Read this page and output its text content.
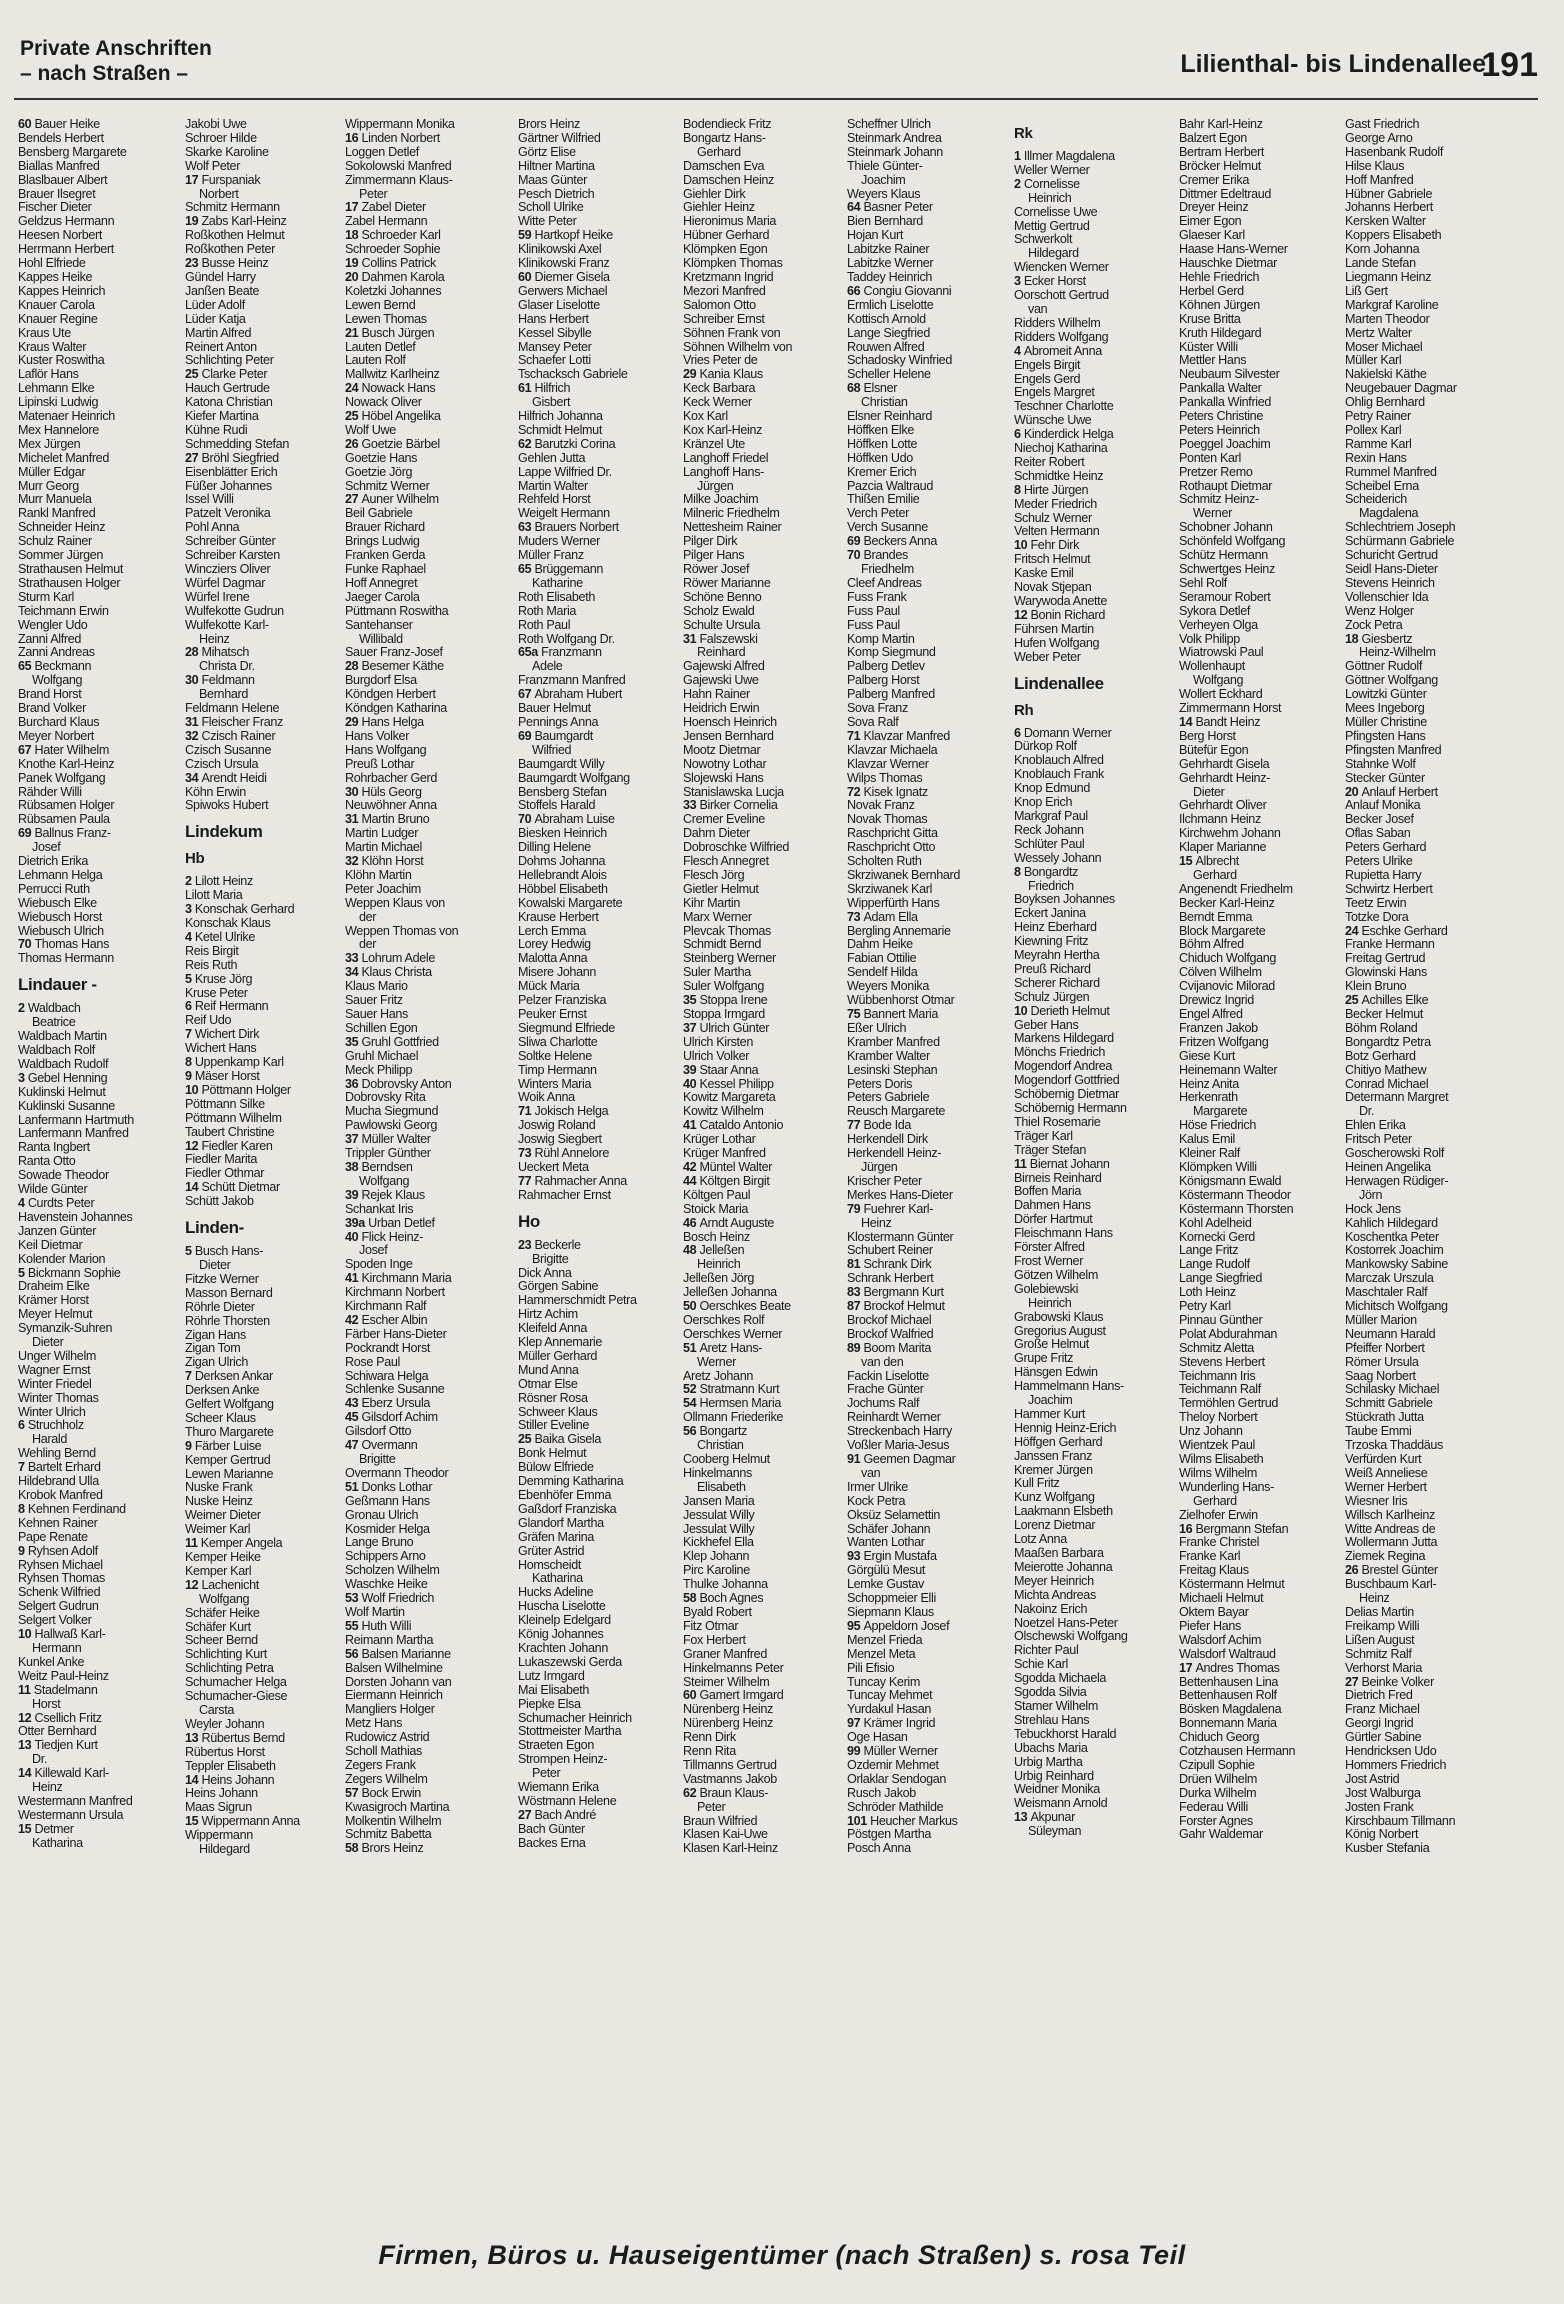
Private Anschriften
– nach Straßen –	Lilienthal- bis Lindenallee
191
60 Bauer Heike
Bendels Herbert
Bensberg Margarete
Biallas Manfred
Blaslbauer Albert
Brauer Ilsegret
Fischer Dieter
Geldzus Hermann
Heesen Norbert
Herrmann Herbert
Hohl Elfriede
Kappes Heike
Kappes Heinrich
Knauer Carola
Knauer Regine
Kraus Ute
Kraus Walter
Kuster Roswitha
Laflör Hans
Lehmann Elke
Lipinski Ludwig
Matenaer Heinrich
Mex Hannelore
Mex Jürgen
Michelet Manfred
Müller Edgar
Murr Georg
Murr Manuela
Rankl Manfred
Schneider Heinz
Schulz Rainer
Sommer Jürgen
Strathausen Helmut
Strathausen Holger
Sturm Karl
Teichmann Erwin
Wengler Udo
Zanni Alfred
Zanni Andreas
65 Beckmann
Wolfgang
Brand Horst
Brand Volker
Burchard Klaus
Meyer Norbert
67 Hater Wilhelm
Knothe Karl-Heinz
Panek Wolfgang
Rähder Willi
Rübsamen Holger
Rübsamen Paula
69 Ballnus Franz-
Josef
Dietrich Erika
Lehmann Helga
Perrucci Ruth
Wiebusch Elke
Wiebusch Horst
Wiebusch Ulrich
70 Thomas Hans
Thomas Hermann
Lindauer -
2 Waldbach
Beatrice
Waldbach Martin
Waldbach Rolf
Waldbach Rudolf
3 Gebel Henning
Kuklinski Helmut
Kuklinski Susanne
Lanfermann Hartmuth
Lanfermann Manfred
Ranta Ingbert
Ranta Otto
Sowade Theodor
Wilde Günter
4 Curdts Peter
Havenstein Johannes
Janzen Günter
Keil Dietmar
Kolender Marion
5 Bickmann Sophie
Draheim Elke
Krämer Horst
Meyer Helmut
Symanzik-Suhren
Dieter
Unger Wilhelm
Wagner Ernst
Winter Friedel
Winter Thomas
Winter Ulrich
6 Struchholz
Harald
Wehling Bernd
7 Bartelt Erhard
Hildebrand Ulla
Krobok Manfred
8 Kehnen Ferdinand
Kehnen Rainer
Pape Renate
9 Ryhsen Adolf
Ryhsen Michael
Ryhsen Thomas
Schenk Wilfried
Selgert Gudrun
Selgert Volker
10 Hallwaß Karl-
Hermann
Kunkel Anke
Weitz Paul-Heinz
11 Stadelmann
Horst
12 Csellich Fritz
Otter Bernhard
13 Tiedjen Kurt
Dr.
14 Killewald Karl-
Heinz
Westermann Manfred
Westermann Ursula
15 Detmer
Katharina
Jakobi Uwe
Schroer Hilde
Skarke Karoline
Wolf Peter
17 Furspaniak
Norbert
Schmitz Hermann
19 Zabs Karl-Heinz
Roßkothen Helmut
Roßkothen Peter
23 Busse Heinz
Gündel Harry
Janßen Beate
Lüder Adolf
Lüder Katja
Martin Alfred
Reinert Anton
Schlichting Peter
25 Clarke Peter
Hauch Gertrude
Katona Christian
Kiefer Martina
Kühne Rudi
Schmedding Stefan
27 Bröhl Siegfried
Eisenblätter Erich
Füßer Johannes
Issel Willi
Patzelt Veronika
Pohl Anna
Schreiber Günter
Schreiber Karsten
Wincziers Oliver
Würfel Dagmar
Würfel Irene
Wulfekotte Gudrun
Wulfekotte Karl-
Heinz
28 Mihatsch
Christa Dr.
30 Feldmann
Bernhard
Feldmann Helene
31 Fleischer Franz
32 Czisch Rainer
Czisch Susanne
Czisch Ursula
34 Arendt Heidi
Köhn Erwin
Spiwoks Hubert
Lindekum
Hb
2 Lilott Heinz
Lilott Maria
3 Konschak Gerhard
Konschak Klaus
4 Ketel Ulrike
Reis Birgit
Reis Ruth
5 Kruse Jörg
Kruse Peter
6 Reif Hermann
Reif Udo
7 Wichert Dirk
Wichert Hans
8 Uppenkamp Karl
9 Mäser Horst
10 Pöttmann Holger
Pöttmann Silke
Pöttmann Wilhelm
Taubert Christine
12 Fiedler Karen
Fiedler Marita
Fiedler Othmar
14 Schütt Dietmar
Schütt Jakob
Linden-
5 Busch Hans-
Dieter
Fitzke Werner
Masson Bernard
Röhrle Dieter
Röhrle Thorsten
Zigan Hans
Zigan Tom
Zigan Ulrich
7 Derksen Ankar
Derksen Anke
Gelfert Wolfgang
Scheer Klaus
Thuro Margarete
9 Färber Luise
Kemper Gertrud
Lewen Marianne
Nuske Frank
Nuske Heinz
Weimer Dieter
Weimer Karl
11 Kemper Angela
Kemper Heike
Kemper Karl
12 Lachenicht
Wolfgang
Schäfer Heike
Schäfer Kurt
Scheer Bernd
Schlichting Kurt
Schlichting Petra
Schumacher Helga
Schumacher-Giese
Carsta
Weyler Johann
13 Rübertus Bernd
Rübertus Horst
Teppler Elisabeth
14 Heins Johann
Heins Johann
Maas Sigrun
15 Wippermann Anna
Wippermann
Hildegard
Wippermann Monika
16 Linden Norbert
Loggen Detlef
Sokolowski Manfred
Zimmermann Klaus-
Peter
17 Zabel Dieter
Zabel Hermann
18 Schroeder Karl
Schroeder Sophie
19 Collins Patrick
20 Dahmen Karola
Koletzki Johannes
Lewen Bernd
Lewen Thomas
21 Busch Jürgen
Lauten Detlef
Lauten Rolf
Mallwitz Karlheinz
24 Nowack Hans
Nowack Oliver
25 Höbel Angelika
Wolf Uwe
26 Goetzie Bärbel
Goetzie Hans
Goetzie Jörg
Schmitz Werner
27 Auner Wilhelm
Beil Gabriele
Brauer Richard
Brings Ludwig
Franken Gerda
Funke Raphael
Hoff Annegret
Jaeger Carola
Püttmann Roswitha
Santehanser
Willibald
Sauer Franz-Josef
28 Besemer Käthe
Burgdorf Elsa
Köndgen Herbert
Köndgen Katharina
29 Hans Helga
Hans Volker
Hans Wolfgang
Preuß Lothar
Rohrbacher Gerd
30 Hüls Georg
Neuwöhner Anna
31 Martin Bruno
Martin Ludger
Martin Michael
32 Klöhn Horst
Klöhn Martin
Peter Joachim
Weppen Klaus von
der
Weppen Thomas von
der
33 Lohrum Adele
34 Klaus Christa
Klaus Mario
Sauer Fritz
Sauer Hans
Schillen Egon
35 Gruhl Gottfried
Gruhl Michael
Meck Philipp
36 Dobrovsky Anton
Dobrovsky Rita
Mucha Siegmund
Pawlowski Georg
37 Müller Walter
Trippler Günther
38 Berndsen
Wolfgang
39 Rejek Klaus
Schankat Iris
39a Urban Detlef
40 Flick Heinz-
Josef
Spoden Inge
41 Kirchmann Maria
Kirchmann Norbert
Kirchmann Ralf
42 Escher Albin
Färber Hans-Dieter
Pockrandt Horst
Rose Paul
Schiwara Helga
Schlenke Susanne
43 Eberz Ursula
45 Gilsdorf Achim
Gilsdorf Otto
47 Overmann
Brigitte
Overmann Theodor
51 Donks Lothar
Geßmann Hans
Gronau Ulrich
Kosmider Helga
Lange Bruno
Schippers Arno
Scholzen Wilhelm
Waschke Heike
53 Wolf Friedrich
Wolf Martin
55 Huth Willi
Reimann Martha
56 Balsen Marianne
Balsen Wilhelmine
Dorsten Johann van
Eiermann Heinrich
Mangliers Holger
Metz Hans
Rudowicz Astrid
Scholl Mathias
Zegers Frank
Zegers Wilhelm
57 Bock Erwin
Kwasigroch Martina
Molkentin Wilhelm
Schmitz Babetta
58 Brors Heinz
Brors Heinz
Gärtner Wilfried
Görtz Elise
Hiltner Martina
Maas Günter
Pesch Dietrich
Scholl Ulrike
Witte Peter
59 Hartkopf Heike
Klinikowski Axel
Klinikowski Franz
60 Diemer Gisela
Gerwers Michael
Glaser Liselotte
Hans Herbert
Kessel Sibylle
Mansey Peter
Schaefer Lotti
Tschacksch Gabriele
61 Hilfrich
Gisbert
Hilfrich Johanna
Schmidt Helmut
62 Barutzki Corina
Gehlen Jutta
Lappe Wilfried Dr.
Martin Walter
Rehfeld Horst
Weigelt Hermann
63 Brauers Norbert
Muders Werner
Müller Franz
65 Brüggemann
Katharine
Roth Elisabeth
Roth Maria
Roth Paul
Roth Wolfgang Dr.
65a Franzmann
Adele
Franzmann Manfred
67 Abraham Hubert
Bauer Helmut
Pennings Anna
69 Baumgardt
Wilfried
Baumgardt Willy
Baumgardt Wolfgang
Bensberg Stefan
Stoffels Harald
70 Abraham Luise
Biesken Heinrich
Dilling Helene
Dohms Johanna
Hellebrandt Alois
Höbbel Elisabeth
Kowalski Margarete
Krause Herbert
Lerch Emma
Lorey Hedwig
Malotta Anna
Misere Johann
Mück Maria
Pelzer Franziska
Peuker Ernst
Siegmund Elfriede
Sliwa Charlotte
Soltke Helene
Timp Hermann
Winters Maria
Woik Anna
71 Jokisch Helga
Joswig Roland
Joswig Siegbert
73 Rühl Annelore
Ueckert Meta
77 Rahmacher Anna
Rahmacher Ernst
Ho
23 Beckerle
Brigitte
Dick Anna
Görgen Sabine
Hammerschmidt Petra
Hirtz Achim
Kleifeld Anna
Klep Annemarie
Müller Gerhard
Mund Anna
Otmar Else
Rösner Rosa
Schweer Klaus
Stiller Eveline
25 Baika Gisela
Bonk Helmut
Bülow Elfriede
Demming Katharina
Ebenhöfer Emma
Gaßdorf Franziska
Glandorf Martha
Gräfen Marina
Grüter Astrid
Homscheidt
Katharina
Hucks Adeline
Huscha Liselotte
Kleinelp Edelgard
König Johannes
Krachten Johann
Lukaszewski Gerda
Lutz Irmgard
Mai Elisabeth
Piepke Elsa
Schumacher Heinrich
Stottmeister Martha
Straeten Egon
Strompen Heinz-
Peter
Wiemann Erika
Wöstmann Helene
27 Bach André
Bach Günter
Backes Erna
Bodendieck Fritz
Bongartz Hans-
Gerhard
Damschen Eva
Damschen Heinz
Giehler Dirk
Giehler Heinz
Hieronimus Maria
Hübner Gerhard
Klömpken Egon
Klömpken Thomas
Kretzmann Ingrid
Mezori Manfred
Salomon Otto
Schreiber Ernst
Söhnen Frank von
Söhnen Wilhelm von
Vries Peter de
29 Kania Klaus
Keck Barbara
Keck Werner
Kox Karl
Kox Karl-Heinz
Kränzel Ute
Langhoff Friedel
Langhoff Hans-
Jürgen
Milke Joachim
Milneric Friedhelm
Nettesheim Rainer
Pilger Dirk
Pilger Hans
Röwer Josef
Röwer Marianne
Schöne Benno
Scholz Ewald
Schulte Ursula
31 Falszewski
Reinhard
Gajewski Alfred
Gajewski Uwe
Hahn Rainer
Heidrich Erwin
Hoensch Heinrich
Jensen Bernhard
Mootz Dietmar
Nowotny Lothar
Slojewski Hans
Stanislawska Lucja
33 Birker Cornelia
Cremer Eveline
Dahm Dieter
Dobroschke Wilfried
Flesch Annegret
Flesch Jörg
Gietler Helmut
Kihr Martin
Marx Werner
Plevcak Thomas
Schmidt Bernd
Steinberg Werner
Suler Martha
Suler Wolfgang
35 Stoppa Irene
Stoppa Irmgard
37 Ulrich Günter
Ulrich Kirsten
Ulrich Volker
39 Staar Anna
40 Kessel Philipp
Kowitz Margareta
Kowitz Wilhelm
41 Cataldo Antonio
Krüger Lothar
Krüger Manfred
42 Müntel Walter
44 Költgen Birgit
Költgen Paul
Stoick Maria
46 Arndt Auguste
Bosch Heinz
48 Jelleßen
Heinrich
Jelleßen Jörg
Jelleßen Johanna
50 Oerschkes Beate
Oerschkes Rolf
Oerschkes Werner
51 Aretz Hans-
Werner
Aretz Johann
52 Stratmann Kurt
54 Hermsen Maria
Ollmann Friederike
56 Bongartz
Christian
Cooberg Helmut
Hinkelmanns
Elisabeth
Jansen Maria
Jessulat Willy
Jessulat Willy
Kickhefel Ella
Klep Johann
Pirc Karoline
Thulke Johanna
58 Boch Agnes
Byald Robert
Fitz Otmar
Fox Herbert
Graner Manfred
Hinkelmanns Peter
Steimer Wilhelm
60 Gamert Irmgard
Nürenberg Heinz
Nürenberg Heinz
Renn Dirk
Renn Rita
Tillmanns Gertrud
Vastmanns Jakob
62 Braun Klaus-
Peter
Braun Wilfried
Klasen Kai-Uwe
Klasen Karl-Heinz
Scheffner Ulrich
Steinmark Andrea
Steinmark Johann
Thiele Günter-
Joachim
Weyers Klaus
64 Basner Peter
Bien Bernhard
Hojan Kurt
Labitzke Rainer
Labitzke Werner
Taddey Heinrich
66 Congiu Giovanni
Ermlich Liselotte
Kottisch Arnold
Lange Siegfried
Rouwen Alfred
Schadosky Winfried
Scheller Helene
68 Elsner
Christian
Elsner Reinhard
Höffken Elke
Höffken Lotte
Höffken Udo
Kremer Erich
Pazcia Waltraud
Thißen Emilie
Verch Peter
Verch Susanne
69 Beckers Anna
70 Brandes
Friedhelm
Cleef Andreas
Fuss Frank
Fuss Paul
Fuss Paul
Komp Martin
Komp Siegmund
Palberg Detlev
Palberg Horst
Palberg Manfred
Sova Franz
Sova Ralf
71 Klavzar Manfred
Klavzar Michaela
Klavzar Werner
Wilps Thomas
72 Kisek Ignatz
Novak Franz
Novak Thomas
Raschpricht Gitta
Raschpricht Otto
Scholten Ruth
Skrziwanek Bernhard
Skrziwanek Karl
Wipperfürth Hans
73 Adam Ella
Bergling Annemarie
Dahm Heike
Fabian Ottilie
Sendelf Hilda
Weyers Monika
Wübbenhorst Otmar
75 Bannert Maria
Eßer Ulrich
Kramber Manfred
Kramber Walter
Lesinski Stephan
Peters Doris
Peters Gabriele
Reusch Margarete
77 Bode Ida
Herkendell Dirk
Herkendell Heinz-
Jürgen
Krischer Peter
Merkes Hans-Dieter
79 Fuehrer Karl-
Heinz
Klostermann Günter
Schubert Reiner
81 Schrank Dirk
Schrank Herbert
83 Bergmann Kurt
87 Brockof Helmut
Brockof Michael
Brockof Walfried
89 Boom Marita
van den
Fackin Liselotte
Frache Günter
Jochums Ralf
Reinhardt Werner
Streckenbach Harry
Voßler Maria-Jesus
91 Geemen Dagmar
van
Irmer Ulrike
Kock Petra
Öksüz Selamettin
Schäfer Johann
Wanten Lothar
93 Ergin Mustafa
Görgülü Mesut
Lemke Gustav
Schoppmeier Elli
Siepmann Klaus
95 Appeldorn Josef
Menzel Frieda
Menzel Meta
Pili Efisio
Tuncay Kerim
Tuncay Mehmet
Yurdakul Hasan
97 Krämer Ingrid
Öge Hasan
99 Müller Werner
Özdemir Mehmet
Orlaklar Sendogan
Rusch Jakob
Schröder Mathilde
101 Heucher Markus
Pöstgen Martha
Posch Anna
Rk
1 Illmer Magdalena
Weller Werner
2 Cornelisse
Heinrich
Cornelisse Uwe
Mettig Gertrud
Schwerkolt
Hildegard
Wiencken Werner
3 Ecker Horst
Oorschott Gertrud
van
Ridders Wilhelm
Ridders Wolfgang
4 Abromeit Anna
Engels Birgit
Engels Gerd
Engels Margret
Teschner Charlotte
Wünsche Uwe
6 Kinderdick Helga
Niechoj Katharina
Reiter Robert
Schmidtke Heinz
8 Hirte Jürgen
Meder Friedrich
Schulz Werner
Velten Hermann
10 Fehr Dirk
Fritsch Helmut
Kaske Emil
Novak Stjepan
Warywoda Anette
12 Bonin Richard
Führsen Martin
Hufen Wolfgang
Weber Peter
Lindenallee
Rh
6 Domann Werner
Dürkop Rolf
Knoblauch Alfred
Knoblauch Frank
Knop Edmund
Knop Erich
Markgraf Paul
Reck Johann
Schlüter Paul
Wessely Johann
8 Bongardtz
Friedrich
Boyksen Johannes
Eckert Janina
Heinz Eberhard
Kiewning Fritz
Meyrahn Hertha
Preuß Richard
Scherer Richard
Schulz Jürgen
10 Derieth Helmut
Geber Hans
Markens Hildegard
Mönchs Friedrich
Mogendorf Andrea
Mogendorf Gottfried
Schöbernig Dietmar
Schöbernig Hermann
Thiel Rosemarie
Träger Karl
Träger Stefan
11 Biernat Johann
Birneis Reinhard
Boffen Maria
Dahmen Hans
Dörfer Hartmut
Fleischmann Hans
Förster Alfred
Frost Werner
Götzen Wilhelm
Golebiewski
Heinrich
Grabowski Klaus
Gregorius August
Große Helmut
Grupe Fritz
Hänsgen Edwin
Hammelmann Hans-
Joachim
Hammer Kurt
Hennig Heinz-Erich
Höffgen Gerhard
Janssen Franz
Kremer Jürgen
Kull Fritz
Kunz Wolfgang
Laakmann Elsbeth
Lorenz Dietmar
Lotz Anna
Maaßen Barbara
Meierotte Johanna
Meyer Heinrich
Michta Andreas
Nakoinz Erich
Noetzel Hans-Peter
Olschewski Wolfgang
Richter Paul
Schie Karl
Sgodda Michaela
Sgodda Silvia
Stamer Wilhelm
Strehlau Hans
Tebuckhorst Harald
Ubachs Maria
Urbig Martha
Urbig Reinhard
Weidner Monika
Weismann Arnold
13 Akpunar
Süleyman
Bahr Karl-Heinz
Balzert Egon
Bertram Herbert
Bröcker Helmut
Cremer Erika
Dittmer Edeltraud
Dreyer Heinz
Eimer Egon
Glaeser Karl
Haase Hans-Werner
Hauschke Dietmar
Hehle Friedrich
Herbel Gerd
Köhnen Jürgen
Kruse Britta
Kruth Hildegard
Küster Willi
Mettler Hans
Neubaum Silvester
Pankalla Walter
Pankalla Winfried
Peters Christine
Peters Heinrich
Poeggel Joachim
Ponten Karl
Pretzer Remo
Rothaupt Dietmar
Schmitz Heinz-
Werner
Schobner Johann
Schönfeld Wolfgang
Schütz Hermann
Schwertges Heinz
Sehl Rolf
Seramour Robert
Sykora Detlef
Verheyen Olga
Volk Philipp
Wiatrowski Paul
Wollenhaupt
Wolfgang
Wollert Eckhard
Zimmermann Horst
14 Bandt Heinz
Berg Horst
Bütefür Egon
Gehrhardt Gisela
Gehrhardt Heinz-
Dieter
Gehrhardt Oliver
Ilchmann Heinz
Kirchwehm Johann
Klaper Marianne
15 Albrecht
Gerhard
Angenendt Friedhelm
Becker Karl-Heinz
Berndt Emma
Block Margarete
Böhm Alfred
Chiduch Wolfgang
Cölven Wilhelm
Cvijanovic Milorad
Drewicz Ingrid
Engel Alfred
Franzen Jakob
Fritzen Wolfgang
Giese Kurt
Heinemann Walter
Heinz Anita
Herkenrath
Margarete
Höse Friedrich
Kalus Emil
Kleiner Ralf
Klömpken Willi
Königsmann Ewald
Köstermann Theodor
Köstermann Thorsten
Kohl Adelheid
Kornecki Gerd
Lange Fritz
Lange Rudolf
Lange Siegfried
Loth Heinz
Petry Karl
Pinnau Günther
Polat Abdurahman
Schmitz Aletta
Stevens Herbert
Teichmann Iris
Teichmann Ralf
Termöhlen Gertrud
Theloy Norbert
Unz Johann
Wientzek Paul
Wilms Elisabeth
Wilms Wilhelm
Wunderling Hans-
Gerhard
Zielhofer Erwin
16 Bergmann Stefan
Franke Christel
Franke Karl
Freitag Klaus
Köstermann Helmut
Michaeli Helmut
Oktem Bayar
Piefer Hans
Walsdorf Achim
Walsdorf Waltraud
17 Andres Thomas
Bettenhausen Lina
Bettenhausen Rolf
Bösken Magdalena
Bonnemann Maria
Chiduch Georg
Cotzhausen Hermann
Czipull Sophie
Drüen Wilhelm
Durka Wilhelm
Federau Willi
Forster Agnes
Gahr Waldemar
Gast Friedrich
George Arno
Hasenbank Rudolf
Hilse Klaus
Hoff Manfred
Hübner Gabriele
Johanns Herbert
Kersken Walter
Koppers Elisabeth
Korn Johanna
Lande Stefan
Liegmann Heinz
Liß Gert
Markgraf Karoline
Marten Theodor
Mertz Walter
Moser Michael
Müller Karl
Nakielski Käthe
Neugebauer Dagmar
Ohlig Bernhard
Petry Rainer
Pollex Karl
Ramme Karl
Rexin Hans
Rummel Manfred
Scheibel Erna
Scheiderich
Magdalena
Schlechtriem Joseph
Schürmann Gabriele
Schuricht Gertrud
Seidl Hans-Dieter
Stevens Heinrich
Vollenschier Ida
Wenz Holger
Zock Petra
18 Giesbertz
Heinz-Wilhelm
Göttner Rudolf
Göttner Wolfgang
Lowitzki Günter
Mees Ingeborg
Müller Christine
Pfingsten Hans
Pfingsten Manfred
Stahnke Wolf
Stecker Günter
20 Anlauf Herbert
Anlauf Monika
Becker Josef
Oflas Saban
Peters Gerhard
Peters Ulrike
Rupietta Harry
Schwirtz Herbert
Teetz Erwin
Totzke Dora
24 Eschke Gerhard
Franke Hermann
Freitag Gertrud
Glowinski Hans
Klein Bruno
25 Achilles Elke
Becker Helmut
Böhm Roland
Bongardtz Petra
Botz Gerhard
Chitiyo Mathew
Conrad Michael
Determann Margret
Dr.
Ehlen Erika
Fritsch Peter
Goscherowski Rolf
Heinen Angelika
Herwagen Rüdiger-
Jörn
Hock Jens
Kahlich Hildegard
Koschentka Peter
Kostorrek Joachim
Mankowsky Sabine
Marczak Urszula
Maschtaler Ralf
Michitsch Wolfgang
Müller Marion
Neumann Harald
Pfeiffer Norbert
Römer Ursula
Saag Norbert
Schilasky Michael
Schmitt Gabriele
Stückrath Jutta
Taube Emmi
Trzoska Thaddäus
Verfürden Kurt
Weiß Anneliese
Werner Herbert
Wiesner Iris
Willsch Karlheinz
Witte Andreas de
Wollermann Jutta
Ziemek Regina
26 Brestel Günter
Buschbaum Karl-
Heinz
Delias Martin
Freikamp Willi
Lißen August
Schmitz Ralf
Verhorst Maria
27 Beinke Volker
Dietrich Fred
Franz Michael
Georgi Ingrid
Gürtler Sabine
Hendricksen Udo
Hommers Friedrich
Jost Astrid
Jost Walburga
Josten Frank
Kirschbaum Tillmann
König Norbert
Kusber Stefania
Firmen, Büros u. Hauseigentümer (nach Straßen) s. rosa Teil
